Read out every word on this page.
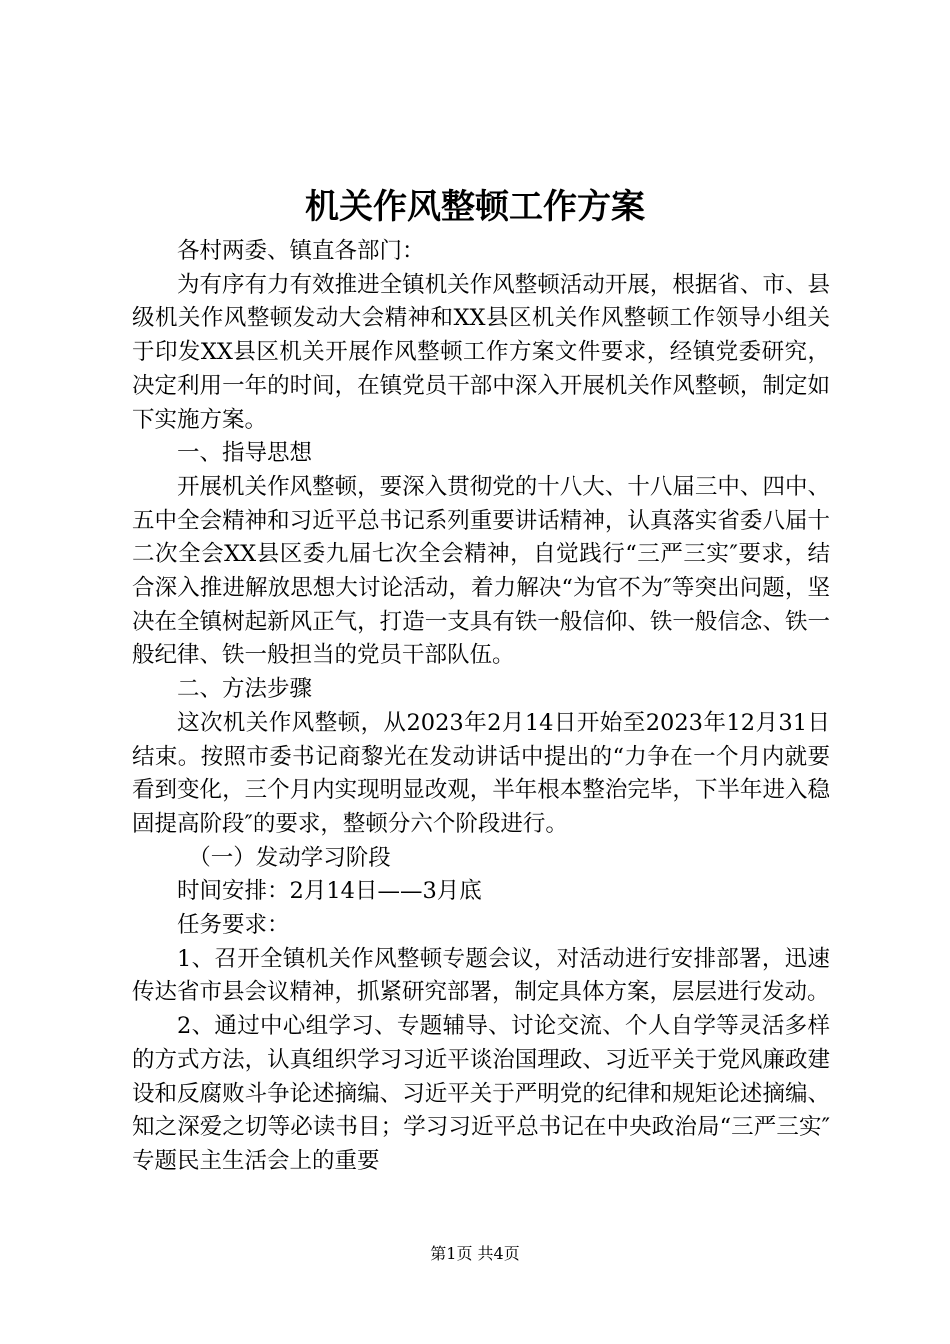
机关作风整顿工作方案

各村两委、镇直各部门：

为有序有力有效推进全镇机关作风整顿活动开展，根据省、市、县级机关作风整顿发动大会精神和XX县区机关作风整顿工作领导小组关于印发XX县区机关开展作风整顿工作方案文件要求，经镇党委研究，决定利用一年的时间，在镇党员干部中深入开展机关作风整顿，制定如下实施方案。

一、指导思想

开展机关作风整顿，要深入贯彻党的十八大、十八届三中、四中、五中全会精神和习近平总书记系列重要讲话精神，认真落实省委八届十二次全会XX县区委九届七次全会精神，自觉践行“三严三实″要求，结合深入推进解放思想大讨论活动，着力解决“为官不为″等突出问题，坚决在全镇树起新风正气，打造一支具有铁一般信仰、铁一般信念、铁一般纪律、铁一般担当的党员干部队伍。

二、方法步骤

这次机关作风整顿，从2023年2月14日开始至2023年12月31日结束。按照市委书记商黎光在发动讲话中提出的“力争在一个月内就要看到变化，三个月内实现明显改观，半年根本整治完毕，下半年进入稳固提高阶段″的要求，整顿分六个阶段进行。

（一）发动学习阶段

时间安排：2月14日——3月底

任务要求：

1、召开全镇机关作风整顿专题会议，对活动进行安排部署，迅速传达省市县会议精神，抓紧研究部署，制定具体方案，层层进行发动。

2、通过中心组学习、专题辅导、讨论交流、个人自学等灵活多样的方式方法，认真组织学习习近平谈治国理政、习近平关于党风廉政建设和反腐败斗争论述摘编、习近平关于严明党的纪律和规矩论述摘编、知之深爱之切等必读书目；学习习近平总书记在中央政治局“三严三实″专题民主生活会上的重要

第1页 共4页
